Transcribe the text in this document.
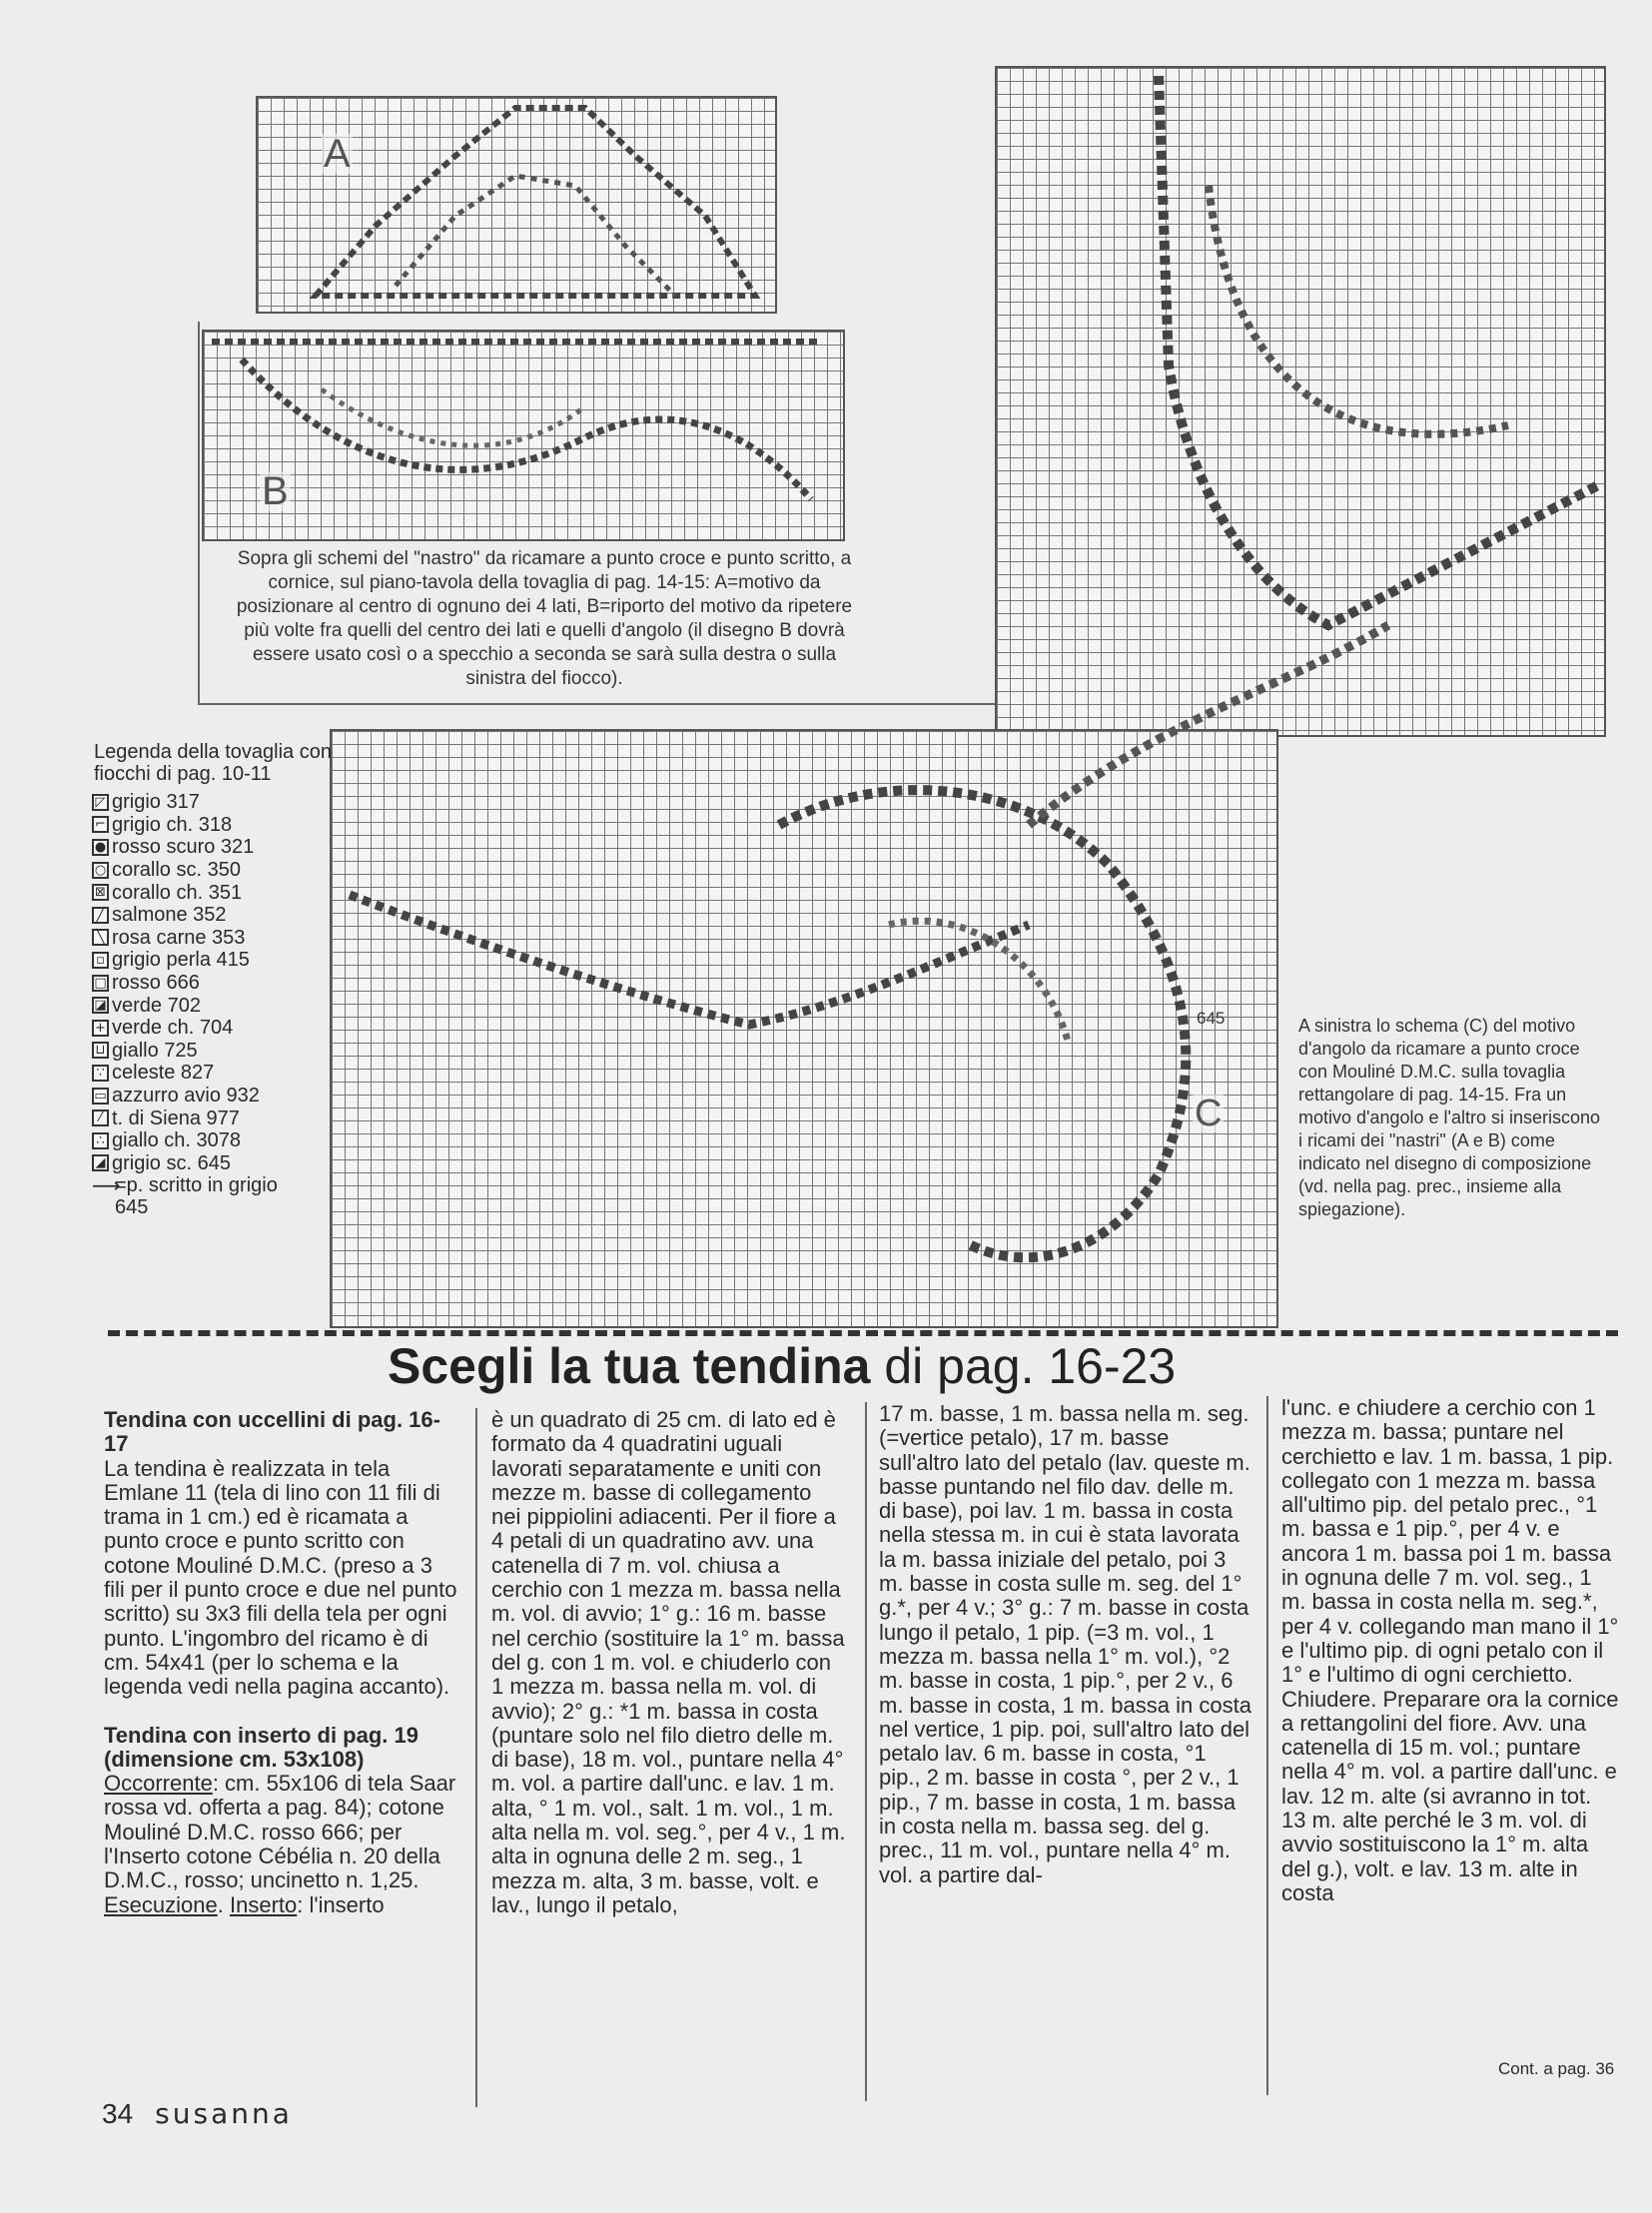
A
B
C
645
Sopra gli schemi del "nastro" da ricamare a punto croce e punto scritto, a cornice, sul piano-tavola della tovaglia di pag. 14-15: A=motivo da posizionare al centro di ognuno dei 4 lati, B=riporto del motivo da ripetere più volte fra quelli del centro dei lati e quelli d'angolo (il disegno B dovrà essere usato così o a specchio a seconda se sarà sulla destra o sulla sinistra del fiocco).
A sinistra lo schema (C) del motivo d'angolo da ricamare a punto croce con Mouliné D.M.C. sulla tovaglia rettangolare di pag. 14-15. Fra un motivo d'angolo e l'altro si inseriscono i ricami dei "nastri" (A e B) come indicato nel disegno di composizione (vd. nella pag. prec., insieme alla spiegazione).
Legenda della tovaglia con fiocchi di pag. 10-11
◸ grigio 317
⌐ grigio ch. 318
● rosso scuro 321
○ corallo sc. 350
⊠ corallo ch. 351
╱ salmone 352
╲ rosa carne 353
▫ grigio perla 415
□ rosso 666
◪ verde 702
+ verde ch. 704
⊔ giallo 725
∵ celeste 827
▭ azzurro avio 932
⁄ t. di Siena 977
∴ giallo ch. 3078
◢ grigio sc. 645
⟶
=p. scritto in grigio 645
Scegli la tua tendina di pag. 16-23

Tendina con uccellini di pag. 16-17

La tendina è realizzata in tela Emlane 11 (tela di lino con 11 fili di trama in 1 cm.) ed è ricamata a punto croce e punto scritto con cotone Mouliné D.M.C. (preso a 3 fili per il punto croce e due nel punto scritto) su 3x3 fili della tela per ogni punto. L'ingombro del ricamo è di cm. 54x41 (per lo schema e la legenda vedi nella pagina accanto).

Tendina con inserto di pag. 19 (dimensione cm. 53x108)

Occorrente: cm. 55x106 di tela Saar rossa vd. offerta a pag. 84); cotone Mouliné D.M.C. rosso 666; per l'Inserto cotone Cébélia n. 20 della D.M.C., rosso; uncinetto n. 1,25.

Esecuzione. Inserto: l'inserto

è un quadrato di 25 cm. di lato ed è formato da 4 quadratini uguali lavorati separatamente e uniti con mezze m. basse di collegamento nei pippiolini adiacenti. Per il fiore a 4 petali di un quadratino avv. una catenella di 7 m. vol. chiusa a cerchio con 1 mezza m. bassa nella m. vol. di avvio; 1° g.: 16 m. basse nel cerchio (sostituire la 1° m. bassa del g. con 1 m. vol. e chiuderlo con 1 mezza m. bassa nella m. vol. di avvio); 2° g.: *1 m. bassa in costa (puntare solo nel filo dietro delle m. di base), 18 m. vol., puntare nella 4° m. vol. a partire dall'unc. e lav. 1 m. alta, ° 1 m. vol., salt. 1 m. vol., 1 m. alta nella m. vol. seg.°, per 4 v., 1 m. alta in ognuna delle 2 m. seg., 1 mezza m. alta, 3 m. basse, volt. e lav., lungo il petalo,

17 m. basse, 1 m. bassa nella m. seg. (=vertice petalo), 17 m. basse sull'altro lato del petalo (lav. queste m. basse puntando nel filo dav. delle m. di base), poi lav. 1 m. bassa in costa nella stessa m. in cui è stata lavorata la m. bassa iniziale del petalo, poi 3 m. basse in costa sulle m. seg. del 1° g.*, per 4 v.; 3° g.: 7 m. basse in costa lungo il petalo, 1 pip. (=3 m. vol., 1 mezza m. bassa nella 1° m. vol.), °2 m. basse in costa, 1 pip.°, per 2 v., 6 m. basse in costa, 1 m. bassa in costa nel vertice, 1 pip. poi, sull'altro lato del petalo lav. 6 m. basse in costa, °1 pip., 2 m. basse in costa °, per 2 v., 1 pip., 7 m. basse in costa, 1 m. bassa in costa nella m. bassa seg. del g. prec., 11 m. vol., puntare nella 4° m. vol. a partire dal-

l'unc. e chiudere a cerchio con 1 mezza m. bassa; puntare nel cerchietto e lav. 1 m. bassa, 1 pip. collegato con 1 mezza m. bassa all'ultimo pip. del petalo prec., °1 m. bassa e 1 pip.°, per 4 v. e ancora 1 m. bassa poi 1 m. bassa in ognuna delle 7 m. vol. seg., 1 m. bassa in costa nella m. seg.*, per 4 v. collegando man mano il 1° e l'ultimo pip. di ogni petalo con il 1° e l'ultimo di ogni cerchietto. Chiudere. Preparare ora la cornice a rettangolini del fiore. Avv. una catenella di 15 m. vol.; puntare nella 4° m. vol. a partire dall'unc. e lav. 12 m. alte (si avranno in tot. 13 m. alte perché le 3 m. vol. di avvio sostituiscono la 1° m. alta del g.), volt. e lav. 13 m. alte in costa

Cont. a pag. 36
34 susanna
